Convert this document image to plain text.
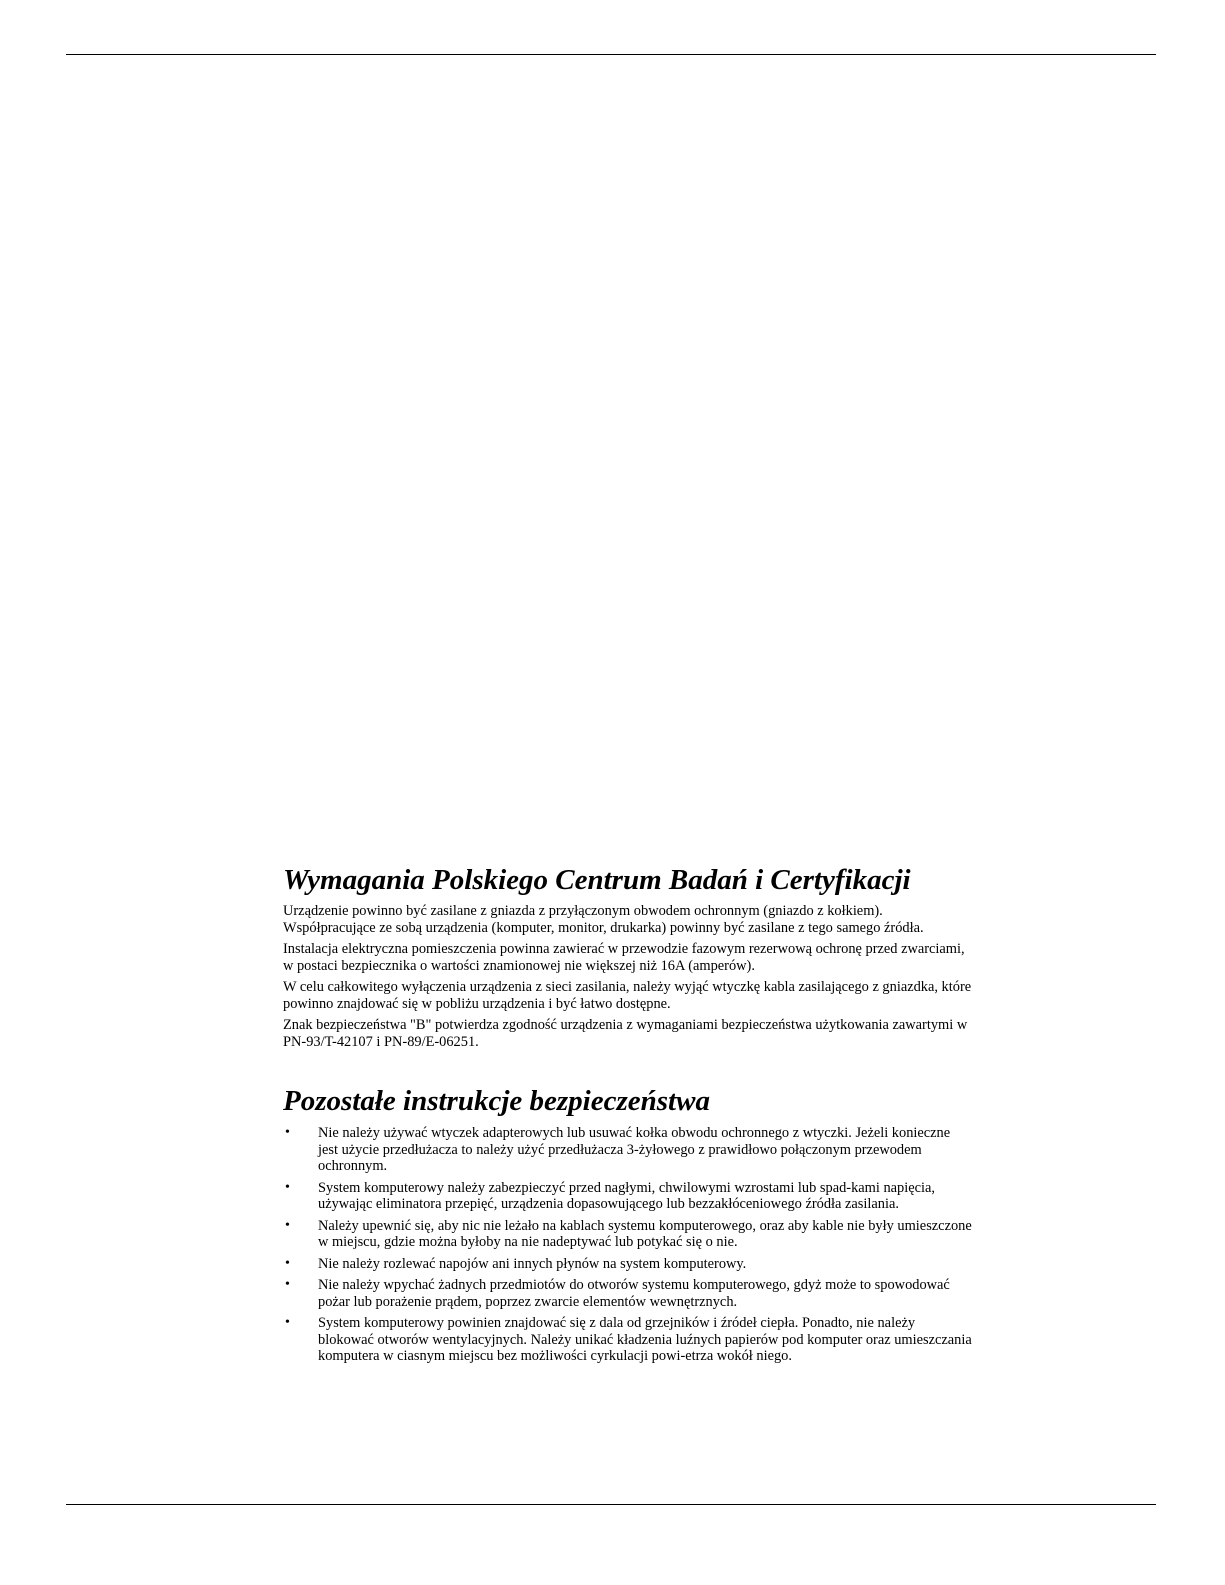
Wymagania Polskiego Centrum Badań i Certyfikacji

Urządzenie powinno być zasilane z gniazda z przyłączonym obwodem ochronnym (gniazdo z kołkiem). Współpracujące ze sobą urządzenia (komputer, monitor, drukarka) powinny być zasilane z tego samego źródła.

Instalacja elektryczna pomieszczenia powinna zawierać w przewodzie fazowym rezerwową ochronę przed zwarciami, w postaci bezpiecznika o wartości znamionowej nie większej niż 16A (amperów).

W celu całkowitego wyłączenia urządzenia z sieci zasilania, należy wyjąć wtyczkę kabla zasilającego z gniazdka, które powinno znajdować się w pobliżu urządzenia i być łatwo dostępne.

Znak bezpieczeństwa "B" potwierdza zgodność urządzenia z wymaganiami bezpieczeństwa użytkowania zawartymi w PN-93/T-42107 i PN-89/E-06251.

Pozostałe instrukcje bezpieczeństwa
• Nie należy używać wtyczek adapterowych lub usuwać kołka obwodu ochronnego z wtyczki. Jeżeli konieczne jest użycie przedłużacza to należy użyć przedłużacza 3-żyłowego z prawidłowo połączonym przewodem ochronnym.
• System komputerowy należy zabezpieczyć przed nagłymi, chwilowymi wzrostami lub spad-kami napięcia, używając eliminatora przepięć, urządzenia dopasowującego lub bezzakłóceniowego źródła zasilania.
• Należy upewnić się, aby nic nie leżało na kablach systemu komputerowego, oraz aby kable nie były umieszczone w miejscu, gdzie można byłoby na nie nadeptywać lub potykać się o nie.
• Nie należy rozlewać napojów ani innych płynów na system komputerowy.
• Nie należy wpychać żadnych przedmiotów do otworów systemu komputerowego, gdyż może to spowodować pożar lub porażenie prądem, poprzez zwarcie elementów wewnętrznych.
• System komputerowy powinien znajdować się z dala od grzejników i źródeł ciepła. Ponadto, nie należy blokować otworów wentylacyjnych. Należy unikać kładzenia luźnych papierów pod komputer oraz umieszczania komputera w ciasnym miejscu bez możliwości cyrkulacji powi-etrza wokół niego.
